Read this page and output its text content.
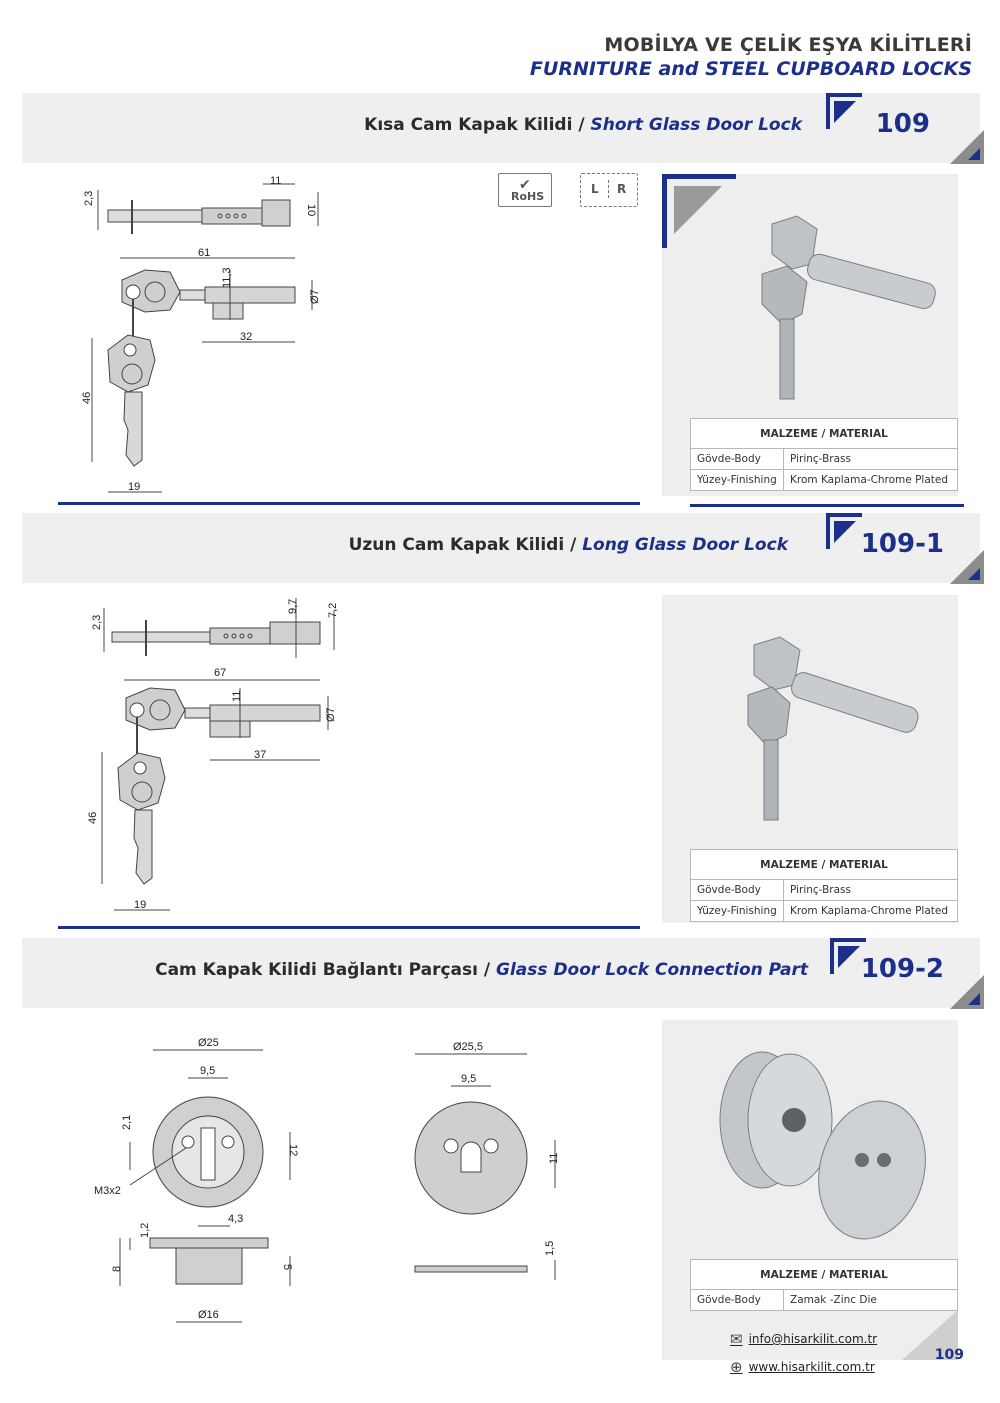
MOBİLYA VE ÇELİK EŞYA KİLİTLERİ
FURNITURE and STEEL CUPBOARD LOCKS
Kısa Cam Kapak Kilidi / Short Glass Door Lock	109
✔
RoHS
L R
2,3
11
10
61
11,3
Ø7
32
46
19
MALZEME / MATERIAL	
Gövde-Body	Pirinç-Brass
Yüzey-Finishing	Krom Kaplama-Chrome Plated
Uzun Cam Kapak Kilidi / Long Glass Door Lock	109-1
2,3
9,7	7,2
67
11
Ø7
37
46
19
MALZEME / MATERIAL	
Gövde-Body	Pirinç-Brass
Yüzey-Finishing	Krom Kaplama-Chrome Plated
Cam Kapak Kilidi Bağlantı Parçası / Glass Door Lock Connection Part 109-2
Ø25
9,5
2,1
12
M3x2
4,3
1,2
8	5
Ø16
Ø25,5
9,5
11
1,5
MALZEME / MATERIAL
Gövde-Body	Zamak -Zinc Die
✉ info@hisarkilit.com.tr
⊕ www.hisarkilit.com.tr
109
